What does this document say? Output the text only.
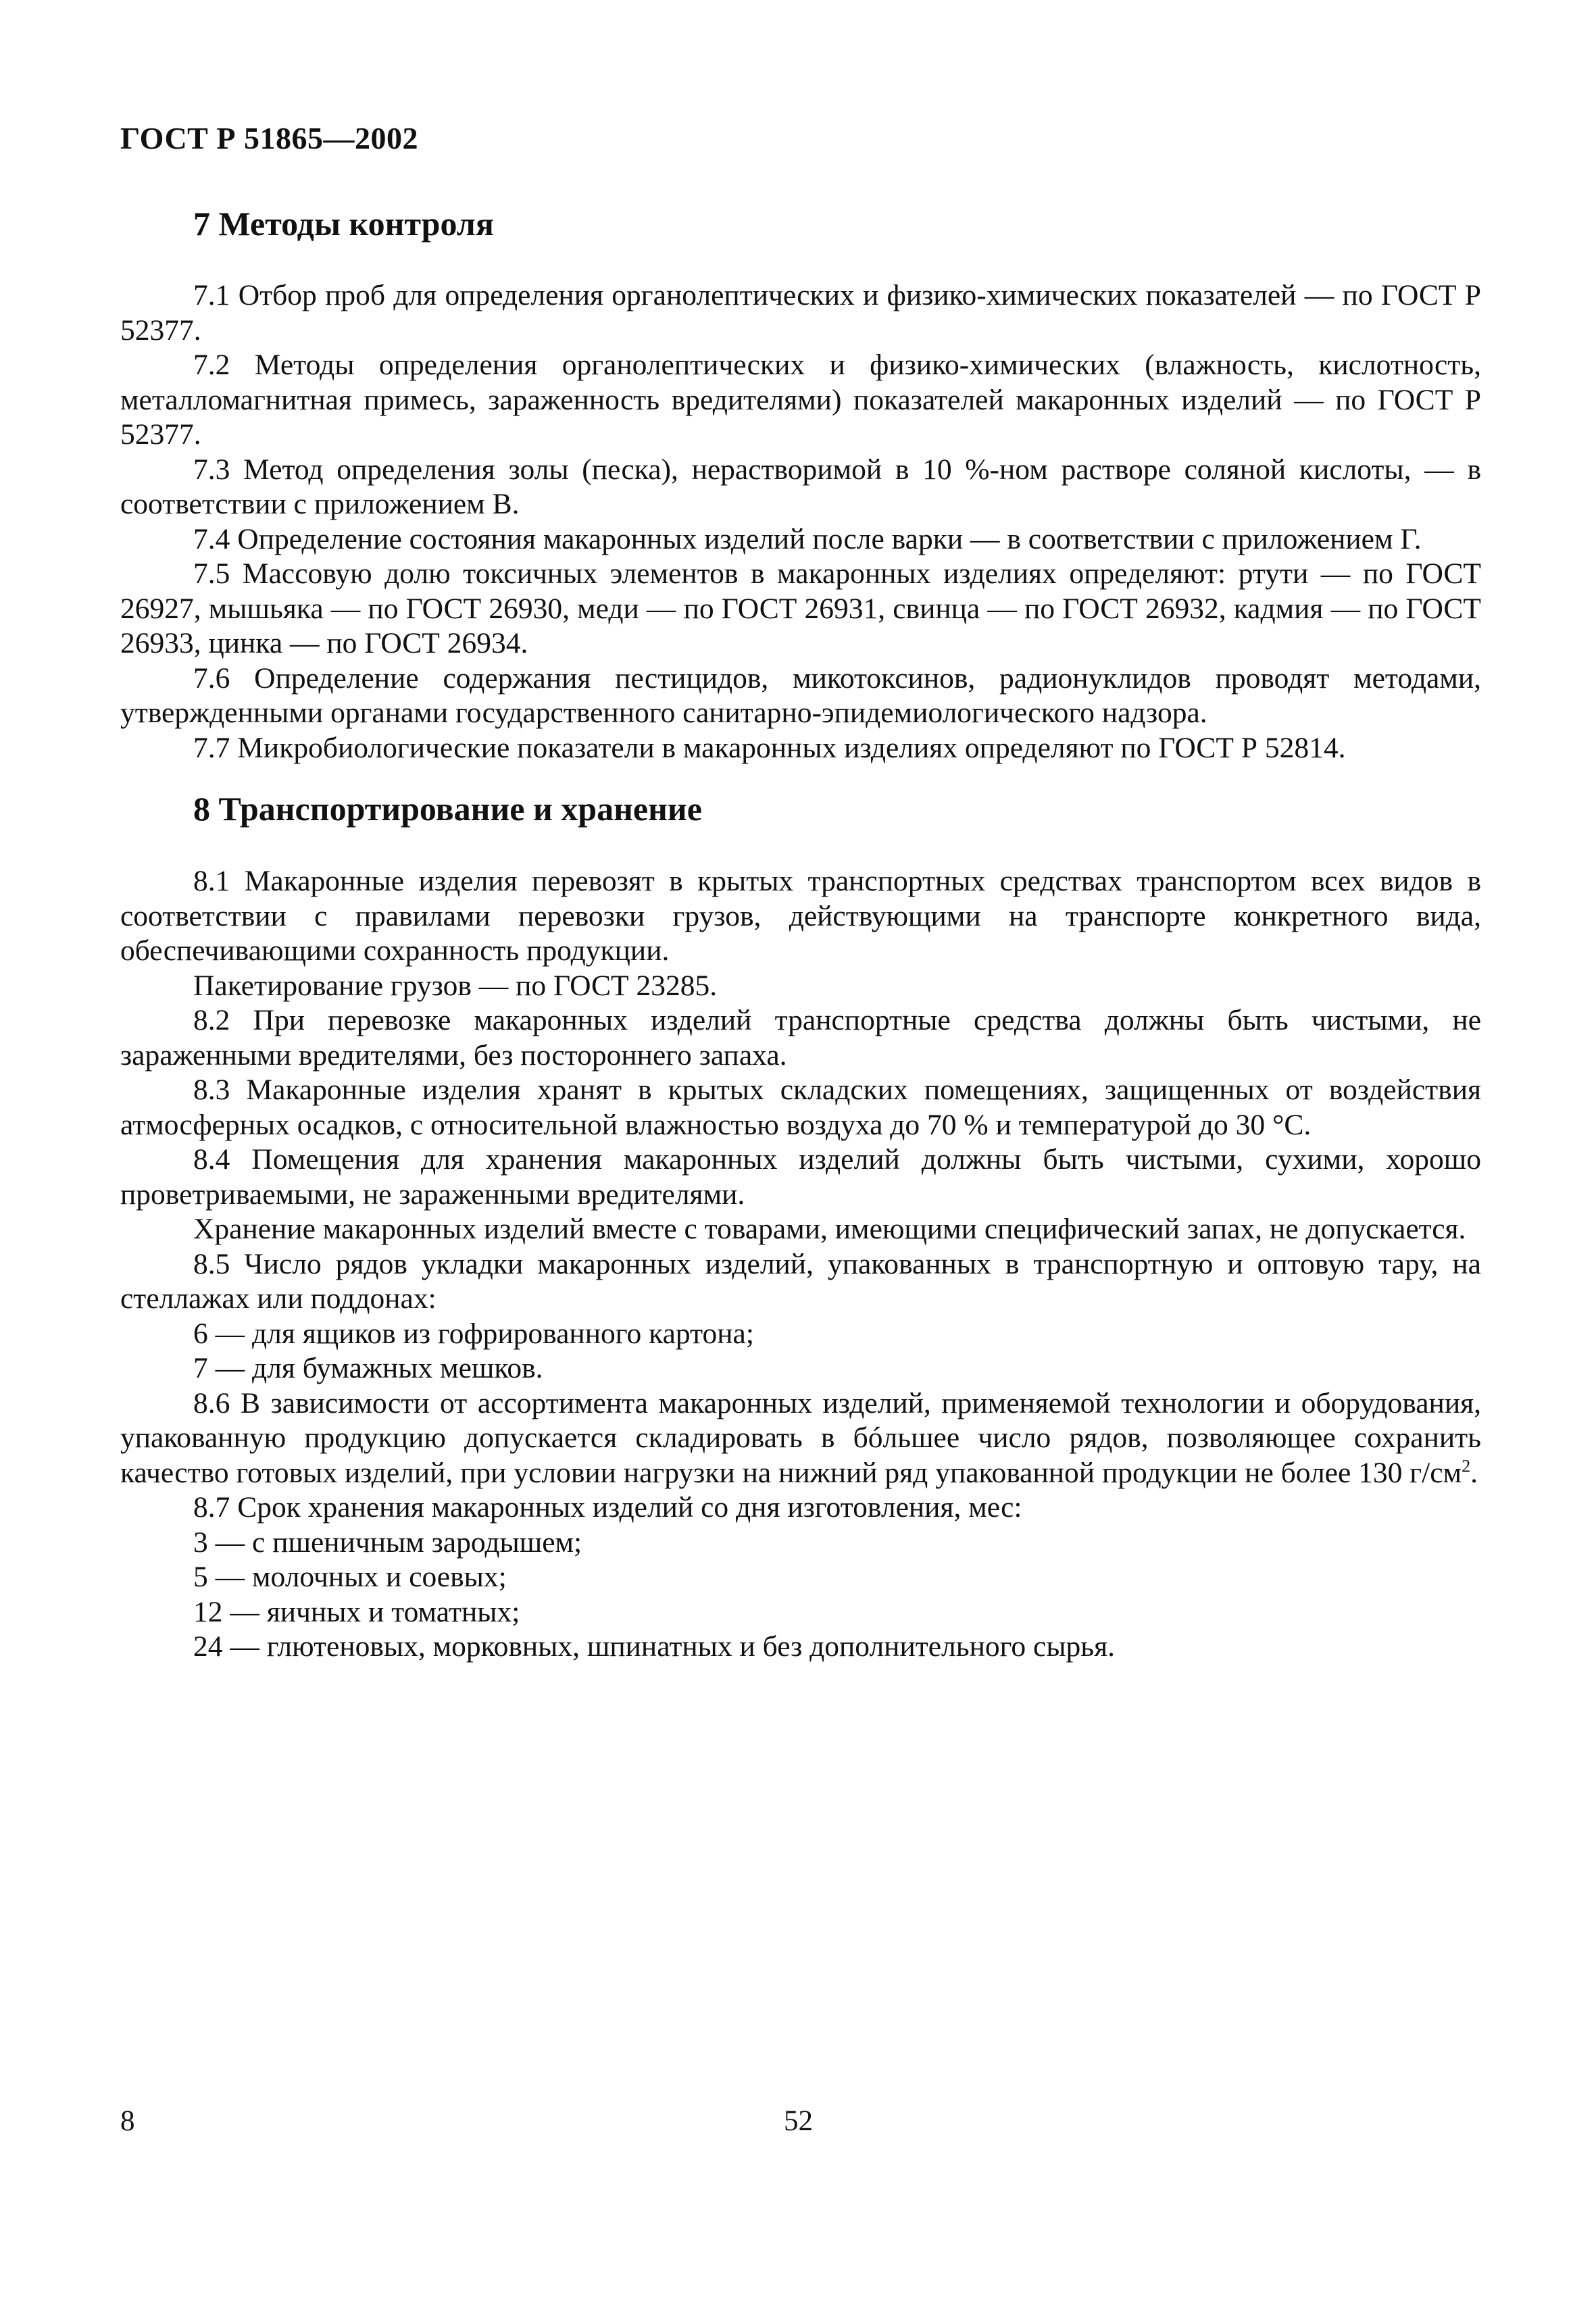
ГОСТ Р 51865—2002
7 Методы контроля

7.1 Отбор проб для определения органолептических и физико-химических показателей — по ГОСТ Р 52377.

7.2 Методы определения органолептических и физико-химических (влажность, кислотность, металломагнитная примесь, зараженность вредителями) показателей макаронных изделий — по ГОСТ Р 52377.

7.3 Метод определения золы (песка), нерастворимой в 10 %-ном растворе соляной кислоты, — в соответствии с приложением В.

7.4 Определение состояния макаронных изделий после варки — в соответствии с приложением Г.

7.5 Массовую долю токсичных элементов в макаронных изделиях определяют: ртути — по ГОСТ 26927, мышьяка — по ГОСТ 26930, меди — по ГОСТ 26931, свинца — по ГОСТ 26932, кадмия — по ГОСТ 26933, цинка — по ГОСТ 26934.

7.6 Определение содержания пестицидов, микотоксинов, радионуклидов проводят методами, утвержденными органами государственного санитарно-эпидемиологического надзора.

7.7 Микробиологические показатели в макаронных изделиях определяют по ГОСТ Р 52814.

8 Транспортирование и хранение

8.1 Макаронные изделия перевозят в крытых транспортных средствах транспортом всех видов в соответствии с правилами перевозки грузов, действующими на транспорте конкретного вида, обеспечивающими сохранность продукции.

Пакетирование грузов — по ГОСТ 23285.

8.2 При перевозке макаронных изделий транспортные средства должны быть чистыми, не зараженными вредителями, без постороннего запаха.

8.3 Макаронные изделия хранят в крытых складских помещениях, защищенных от воздействия атмосферных осадков, с относительной влажностью воздуха до 70 % и температурой до 30 °С.

8.4 Помещения для хранения макаронных изделий должны быть чистыми, сухими, хорошо проветриваемыми, не зараженными вредителями.

Хранение макаронных изделий вместе с товарами, имеющими специфический запах, не допускается.

8.5 Число рядов укладки макаронных изделий, упакованных в транспортную и оптовую тару, на стеллажах или поддонах:

6 — для ящиков из гофрированного картона;

7 — для бумажных мешков.

8.6 В зависимости от ассортимента макаронных изделий, применяемой технологии и оборудования, упакованную продукцию допускается складировать в бóльшее число рядов, позволяющее сохранить качество готовых изделий, при условии нагрузки на нижний ряд упакованной продукции не более 130 $г/см^2$.

8.7 Срок хранения макаронных изделий со дня изготовления, мес:

3 — с пшеничным зародышем;

5 — молочных и соевых;

12 — яичных и томатных;

24 — глютеновых, морковных, шпинатных и без дополнительного сырья.

8	52
